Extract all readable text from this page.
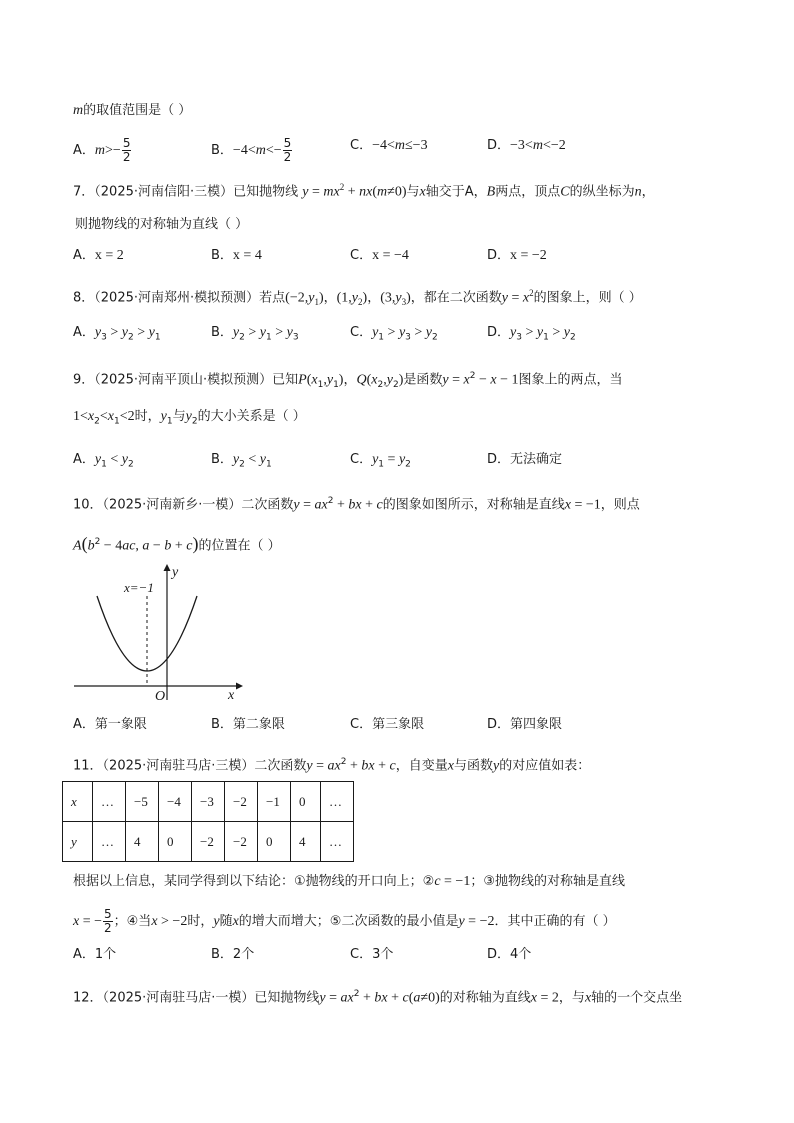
m的取值范围是（ ）
A．$m>- \frac{5}{2}$	B．$-4<m<- \frac{5}{2}$	C．−4<m≤−3	D．−3<m<−2
7．（2025·河南信阳·三模）已知抛物线 $y = mx^2 + nx(m\ne 0)$与x轴交于A，B两点，顶点C的纵坐标为n，
则抛物线的对称轴为直线（ ）
A．x = 2	B．x = 4	C．x = −4	D．x = −2
8．（2025·河南郑州·模拟预测）若点$(-2,y_1)$，$(1,y_2)$，$(3,y_3)$，都在二次函数$y = x^2$的图象上，则（ ）
A．$y_3 > y_2 > y_1$	B．$y_2 > y_1 > y_3$	C．$y_1 > y_3 > y_2$	D．$y_3 > y_1 > y_2$
9．（2025·河南平顶山·模拟预测）已知$P(x_1,y_1)$，$Q(x_2,y_2)$是函数$y = x^2 - x - 1$图象上的两点，当
$1<x_2<x_1<2$时，$y_1$与$y_2$的大小关系是（ ）
A．$y_1 < y_2$	B．$y_2 < y_1$	C．$y_1 = y_2$	D．无法确定
10．（2025·河南新乡·一模）二次函数$y = ax^2$ + bx + c的图象如图所示，对称轴是直线x = −1，则点
$A(b^2 - 4ac$, a − b + c)的位置在（ ）
x=−1
y
x
O
A．第一象限	B．第二象限	C．第三象限	D．第四象限
11．（2025·河南驻马店·三模）二次函数$y = ax^2$ + bx + c，自变量x与函数y的对应值如表：
x	…	−5	−4	−3	−2	−1	0	…
y	…	4	0	−2	−2	0	4	…
根据以上信息，某同学得到以下结论：①抛物线的开口向上；②c = −1；③抛物线的对称轴是直线
x = − $\frac{5}{2}$ ；④当x > −2时，y随x的增大而增大；⑤二次函数的最小值是y = −2．其中正确的有（ ）
A．1个	B．2个	C．3个	D．4个
12．（2025·河南驻马店·一模）已知抛物线$y = ax^2$ + bx + c(a≠0)的对称轴为直线x = 2，与x轴的一个交点坐
